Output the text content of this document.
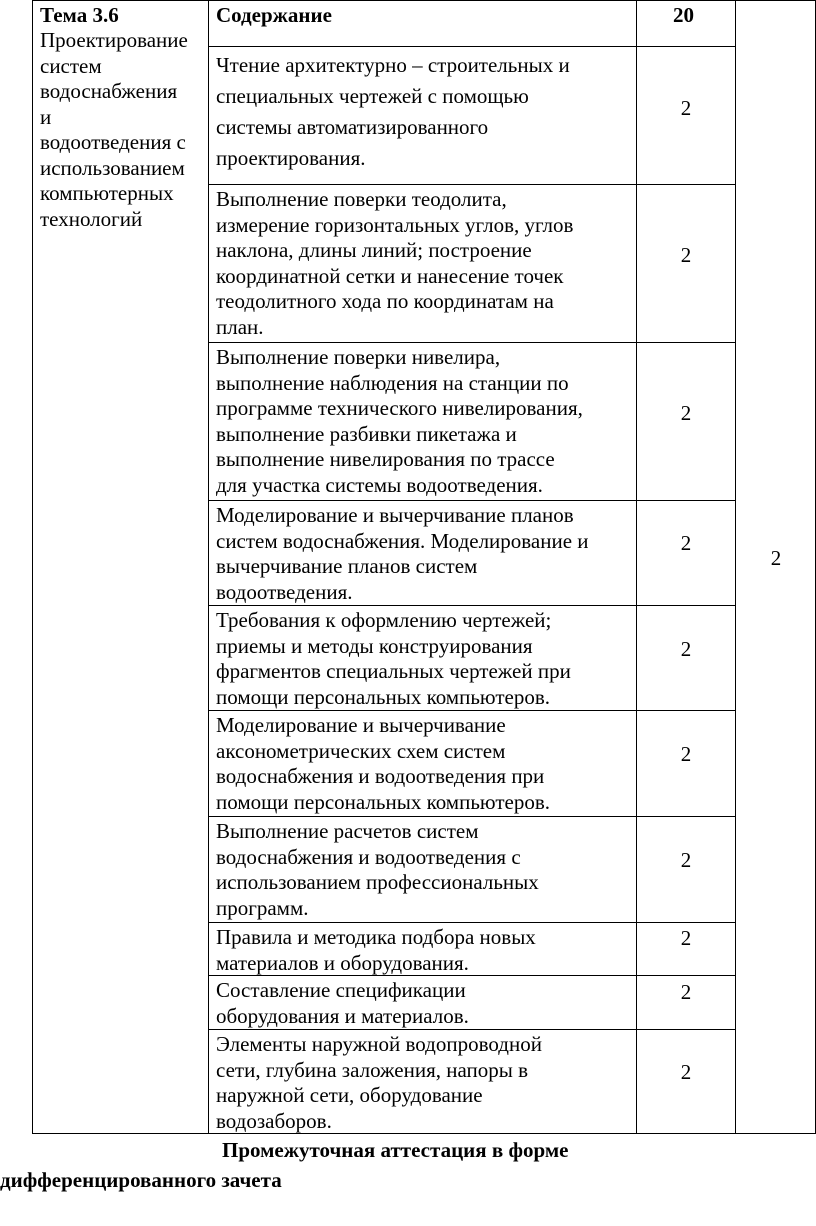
Тема 3.6
Проектирование
систем
водоснабжения
и
водоотведения с
использованием
компьютерных
технологий
Содержание	20
Чтение архитектурно – строительных и
специальных чертежей с помощью
системы автоматизированного
проектирования.
2
Выполнение поверки теодолита,
измерение горизонтальных углов, углов
наклона, длины линий; построение
координатной сетки и нанесение точек
теодолитного хода по координатам на
план.
2
Выполнение поверки нивелира,
выполнение наблюдения на станции по
программе технического нивелирования,
выполнение разбивки пикетажа и
выполнение нивелирования по трассе
для участка системы водоотведения.
2
Моделирование и вычерчивание планов
систем водоснабжения. Моделирование и
вычерчивание планов систем
водоотведения.
2
Требования к оформлению чертежей;
приемы и методы конструирования
фрагментов специальных чертежей при
помощи персональных компьютеров.
2
Моделирование и вычерчивание
аксонометрических схем систем
водоснабжения и водоотведения при
помощи персональных компьютеров.
2
Выполнение расчетов систем
водоснабжения и водоотведения с
использованием профессиональных
программ.
2
Правила и методика подбора новых
материалов и оборудования.
2
Составление спецификации
оборудования и материалов.
2
Элементы наружной водопроводной
сети, глубина заложения, напоры в
наружной сети, оборудование
водозаборов.
2
2
Промежуточная аттестация в форме
дифференцированного зачета
